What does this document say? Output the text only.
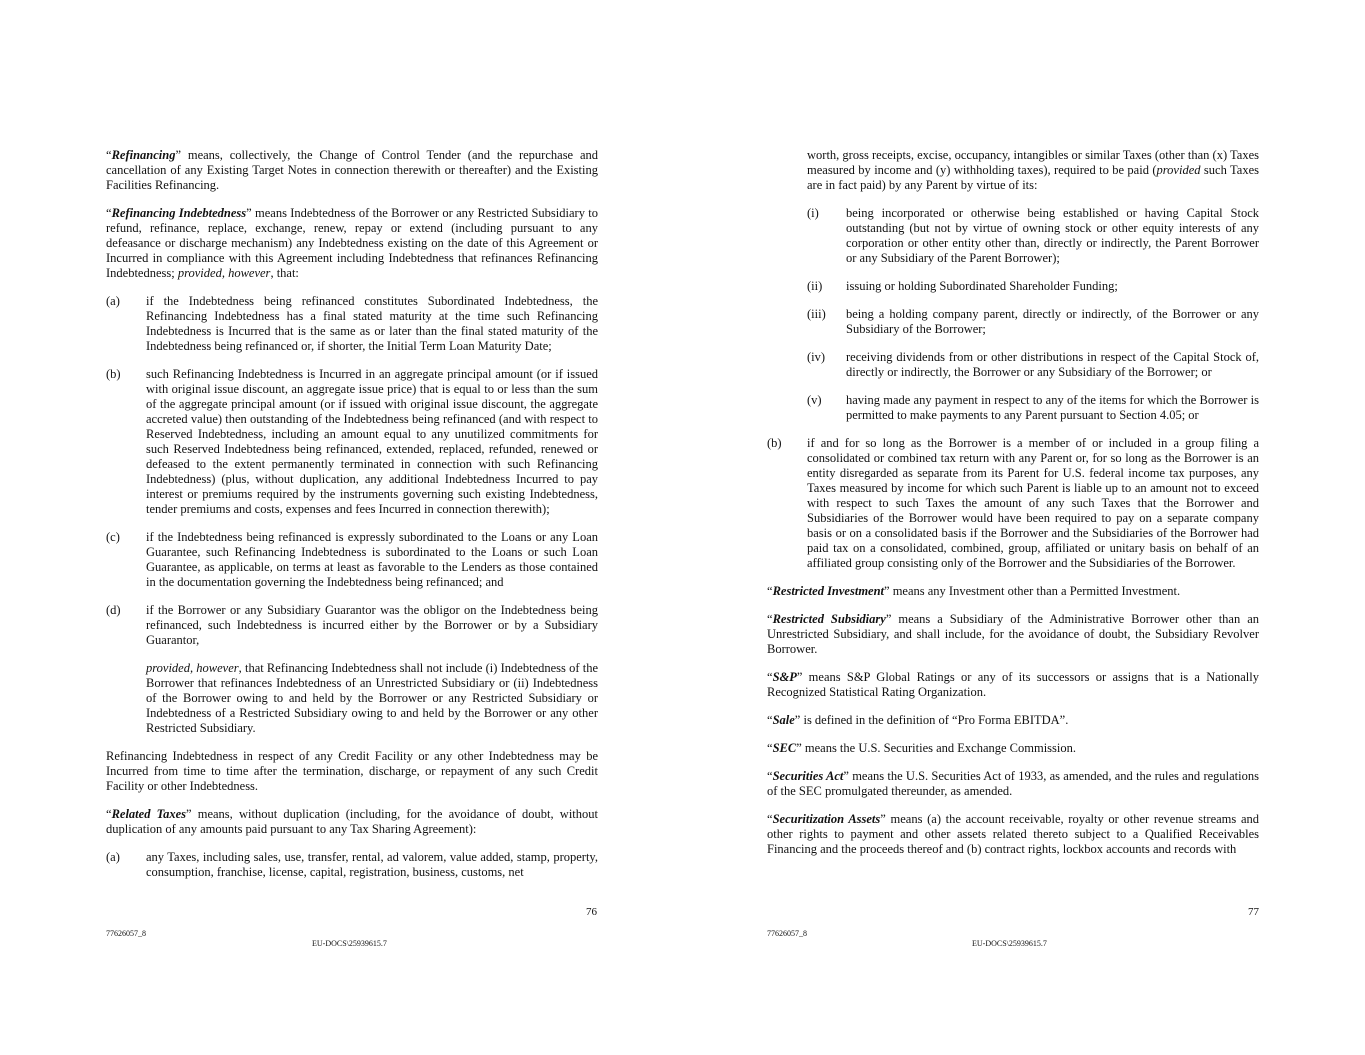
“Refinancing” means, collectively, the Change of Control Tender (and the repurchase and cancellation of any Existing Target Notes in connection therewith or thereafter) and the Existing Facilities Refinancing.

“Refinancing Indebtedness” means Indebtedness of the Borrower or any Restricted Subsidiary to refund, refinance, replace, exchange, renew, repay or extend (including pursuant to any defeasance or discharge mechanism) any Indebtedness existing on the date of this Agreement or Incurred in compliance with this Agreement including Indebtedness that refinances Refinancing Indebtedness; provided, however, that:

(a)	if the Indebtedness being refinanced constitutes Subordinated Indebtedness, the Refinancing Indebtedness has a final stated maturity at the time such Refinancing Indebtedness is Incurred that is the same as or later than the final stated maturity of the Indebtedness being refinanced or, if shorter, the Initial Term Loan Maturity Date;
(b)	such Refinancing Indebtedness is Incurred in an aggregate principal amount (or if issued with original issue discount, an aggregate issue price) that is equal to or less than the sum of the aggregate principal amount (or if issued with original issue discount, the aggregate accreted value) then outstanding of the Indebtedness being refinanced (and with respect to Reserved Indebtedness, including an amount equal to any unutilized commitments for such Reserved Indebtedness being refinanced, extended, replaced, refunded, renewed or defeased to the extent permanently terminated in connection with such Refinancing Indebtedness) (plus, without duplication, any additional Indebtedness Incurred to pay interest or premiums required by the instruments governing such existing Indebtedness, tender premiums and costs, expenses and fees Incurred in connection therewith);
(c)	if the Indebtedness being refinanced is expressly subordinated to the Loans or any Loan Guarantee, such Refinancing Indebtedness is subordinated to the Loans or such Loan Guarantee, as applicable, on terms at least as favorable to the Lenders as those contained in the documentation governing the Indebtedness being refinanced; and
(d)	if the Borrower or any Subsidiary Guarantor was the obligor on the Indebtedness being refinanced, such Indebtedness is incurred either by the Borrower or by a Subsidiary Guarantor,

provided, however, that Refinancing Indebtedness shall not include (i) Indebtedness of the Borrower that refinances Indebtedness of an Unrestricted Subsidiary or (ii) Indebtedness of the Borrower owing to and held by the Borrower or any Restricted Subsidiary or Indebtedness of a Restricted Subsidiary owing to and held by the Borrower or any other Restricted Subsidiary.

Refinancing Indebtedness in respect of any Credit Facility or any other Indebtedness may be Incurred from time to time after the termination, discharge, or repayment of any such Credit Facility or other Indebtedness.

“Related Taxes” means, without duplication (including, for the avoidance of doubt, without duplication of any amounts paid pursuant to any Tax Sharing Agreement):

(a)	any Taxes, including sales, use, transfer, rental, ad valorem, value added, stamp, property, consumption, franchise, license, capital, registration, business, customs, net
76
77626057_8
EU-DOCS\25939615.7

worth, gross receipts, excise, occupancy, intangibles or similar Taxes (other than (x) Taxes measured by income and (y) withholding taxes), required to be paid (provided such Taxes are in fact paid) by any Parent by virtue of its:

(i)	being incorporated or otherwise being established or having Capital Stock outstanding (but not by virtue of owning stock or other equity interests of any corporation or other entity other than, directly or indirectly, the Parent Borrower or any Subsidiary of the Parent Borrower);
(ii)	issuing or holding Subordinated Shareholder Funding;
(iii)	being a holding company parent, directly or indirectly, of the Borrower or any Subsidiary of the Borrower;
(iv)	receiving dividends from or other distributions in respect of the Capital Stock of, directly or indirectly, the Borrower or any Subsidiary of the Borrower; or
(v)	having made any payment in respect to any of the items for which the Borrower is permitted to make payments to any Parent pursuant to Section 4.05; or
(b)	if and for so long as the Borrower is a member of or included in a group filing a consolidated or combined tax return with any Parent or, for so long as the Borrower is an entity disregarded as separate from its Parent for U.S. federal income tax purposes, any Taxes measured by income for which such Parent is liable up to an amount not to exceed with respect to such Taxes the amount of any such Taxes that the Borrower and Subsidiaries of the Borrower would have been required to pay on a separate company basis or on a consolidated basis if the Borrower and the Subsidiaries of the Borrower had paid tax on a consolidated, combined, group, affiliated or unitary basis on behalf of an affiliated group consisting only of the Borrower and the Subsidiaries of the Borrower.

“Restricted Investment” means any Investment other than a Permitted Investment.

“Restricted Subsidiary” means a Subsidiary of the Administrative Borrower other than an Unrestricted Subsidiary, and shall include, for the avoidance of doubt, the Subsidiary Revolver Borrower.

“S&P” means S&P Global Ratings or any of its successors or assigns that is a Nationally Recognized Statistical Rating Organization.

“Sale” is defined in the definition of “Pro Forma EBITDA”.

“SEC” means the U.S. Securities and Exchange Commission.

“Securities Act” means the U.S. Securities Act of 1933, as amended, and the rules and regulations of the SEC promulgated thereunder, as amended.

“Securitization Assets” means (a) the account receivable, royalty or other revenue streams and other rights to payment and other assets related thereto subject to a Qualified Receivables Financing and the proceeds thereof and (b) contract rights, lockbox accounts and records with

77
77626057_8
EU-DOCS\25939615.7
